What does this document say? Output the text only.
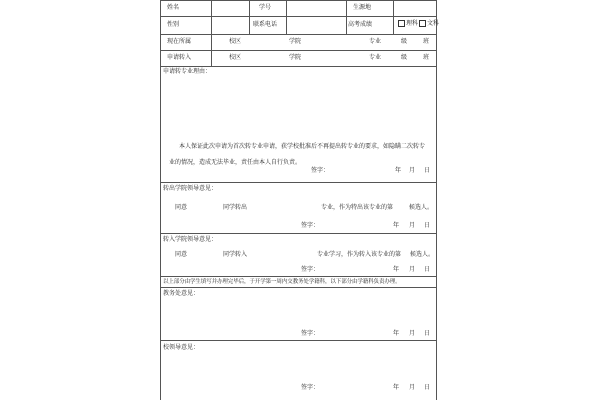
姓名	学号	生源地
性别	联系电话	高考成绩	理科 文科
现在所属	校区	学院	专业	级	班
申请转入	校区	学院	专业	级	班
申请转专业理由：
本人保证此次申请为首次转专业申请，获学校批准后不再提出转专业的要求，如隐瞒二次转专
业的情况，造成无法毕业，责任由本人自行负责。
签字：	年 月 日
转出学院领导意见：
同意	同学转出	专业，作为特出该专业的第	候选人。
签字：	年 月 日
转入学院领导意见：
同意	同学转入	专业学习，作为转入该专业的第 候选人。
签字：	年 月 日
以上部分由学生填写并办理完毕后，于开学第一周内交教务处学籍科，以下部分由学籍科负责办理。
教务处意见：
签字：	年 月 日
校领导意见：
签字：	年 月 日
